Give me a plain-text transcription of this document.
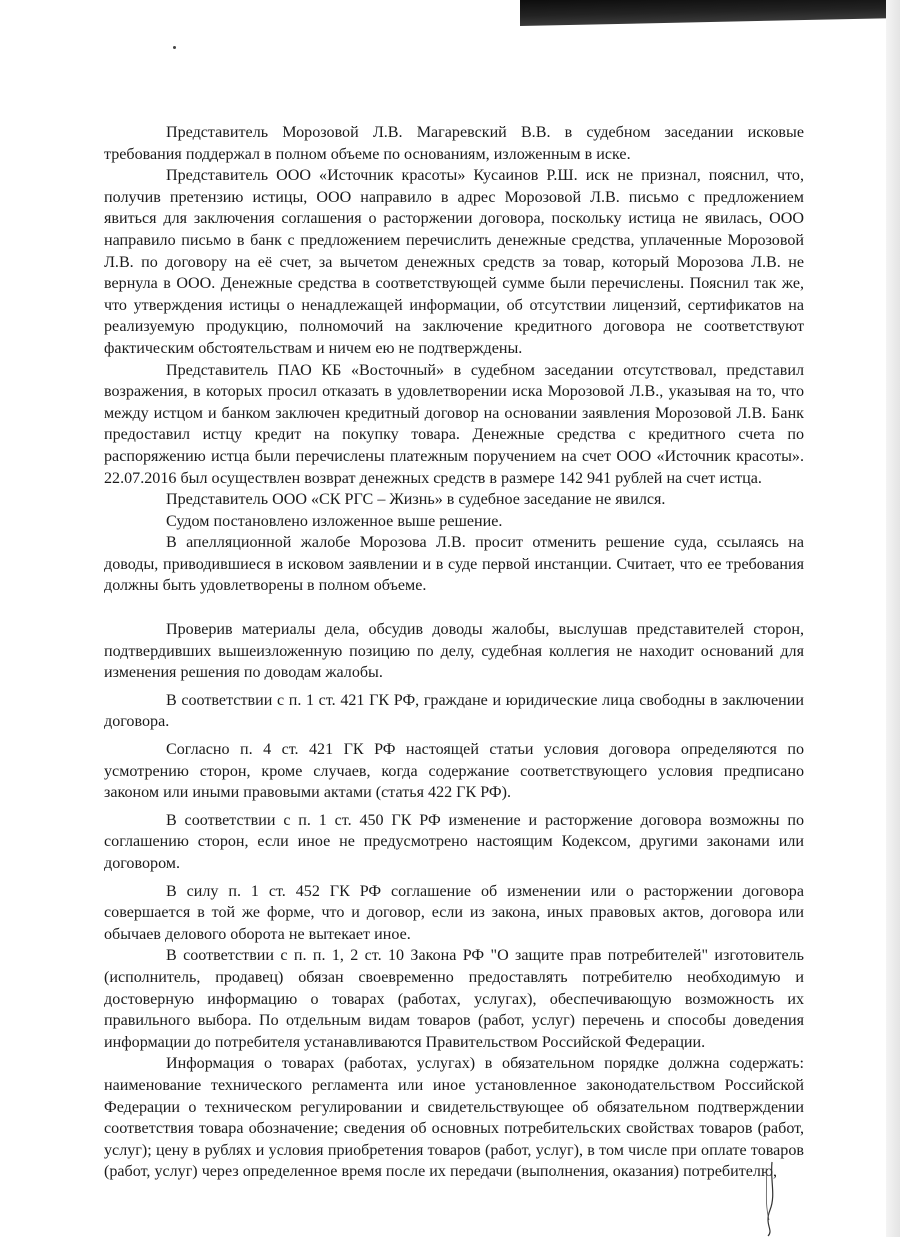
Представитель Морозовой Л.В. Магаревский В.В. в судебном заседании исковые требования поддержал в полном объеме по основаниям, изложенным в иске.

Представитель ООО «Источник красоты» Кусаинов Р.Ш. иск не признал, пояснил, что, получив претензию истицы, ООО направило в адрес Морозовой Л.В. письмо с предложением явиться для заключения соглашения о расторжении договора, поскольку истица не явилась, ООО направило письмо в банк с предложением перечислить денежные средства, уплаченные Морозовой Л.В. по договору на её счет, за вычетом денежных средств за товар, который Морозова Л.В. не вернула в ООО. Денежные средства в соответствующей сумме были перечислены. Пояснил так же, что утверждения истицы о ненадлежащей информации, об отсутствии лицензий, сертификатов на реализуемую продукцию, полномочий на заключение кредитного договора не соответствуют фактическим обстоятельствам и ничем ею не подтверждены.

Представитель ПАО КБ «Восточный» в судебном заседании отсутствовал, представил возражения, в которых просил отказать в удовлетворении иска Морозовой Л.В., указывая на то, что между истцом и банком заключен кредитный договор на основании заявления Морозовой Л.В. Банк предоставил истцу кредит на покупку товара. Денежные средства с кредитного счета по распоряжению истца были перечислены платежным поручением на счет ООО «Источник красоты». 22.07.2016 был осуществлен возврат денежных средств в размере 142 941 рублей на счет истца.

Представитель ООО «СК РГС – Жизнь» в судебное заседание не явился.

Судом постановлено изложенное выше решение.

В апелляционной жалобе Морозова Л.В. просит отменить решение суда, ссылаясь на доводы, приводившиеся в исковом заявлении и в суде первой инстанции. Считает, что ее требования должны быть удовлетворены в полном объеме.

Проверив материалы дела, обсудив доводы жалобы, выслушав представителей сторон, подтвердивших вышеизложенную позицию по делу, судебная коллегия не находит оснований для изменения решения по доводам жалобы.

В соответствии с п. 1 ст. 421 ГК РФ, граждане и юридические лица свободны в заключении договора.

Согласно п. 4 ст. 421 ГК РФ настоящей статьи условия договора определяются по усмотрению сторон, кроме случаев, когда содержание соответствующего условия предписано законом или иными правовыми актами (статья 422 ГК РФ).

В соответствии с п. 1 ст. 450 ГК РФ изменение и расторжение договора возможны по соглашению сторон, если иное не предусмотрено настоящим Кодексом, другими законами или договором.

В силу п. 1 ст. 452 ГК РФ соглашение об изменении или о расторжении договора совершается в той же форме, что и договор, если из закона, иных правовых актов, договора или обычаев делового оборота не вытекает иное.

В соответствии с п. п. 1, 2 ст. 10 Закона РФ "О защите прав потребителей" изготовитель (исполнитель, продавец) обязан своевременно предоставлять потребителю необходимую и достоверную информацию о товарах (работах, услугах), обеспечивающую возможность их правильного выбора. По отдельным видам товаров (работ, услуг) перечень и способы доведения информации до потребителя устанавливаются Правительством Российской Федерации.

Информация о товарах (работах, услугах) в обязательном порядке должна содержать: наименование технического регламента или иное установленное законодательством Российской Федерации о техническом регулировании и свидетельствующее об обязательном подтверждении соответствия товара обозначение; сведения об основных потребительских свойствах товаров (работ, услуг); цену в рублях и условия приобретения товаров (работ, услуг), в том числе при оплате товаров (работ, услуг) через определенное время после их передачи (выполнения, оказания) потребителю,
